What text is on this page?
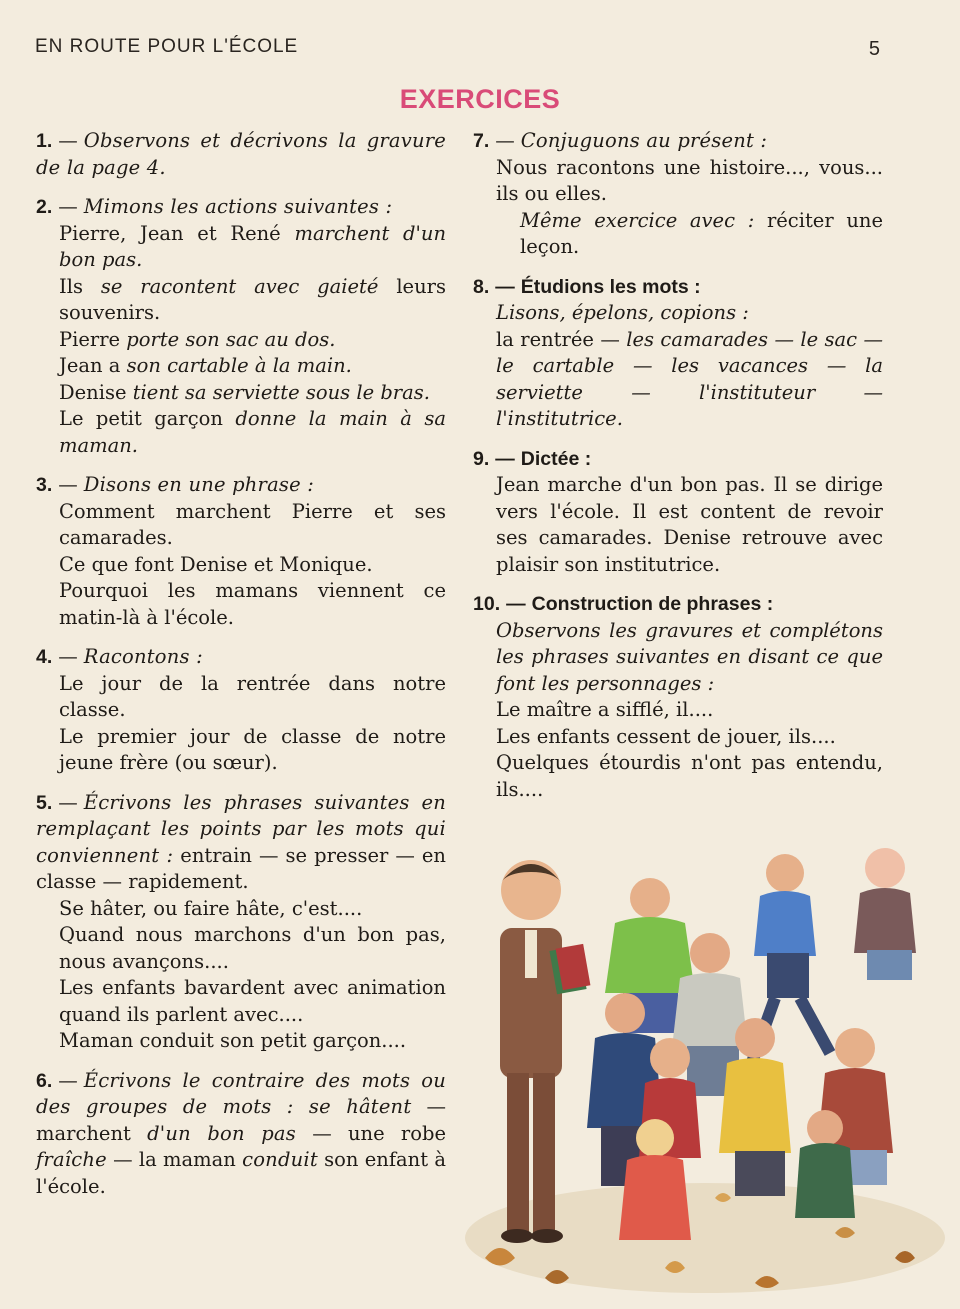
EN ROUTE POUR L'ÉCOLE	5
EXERCICES

1. — Observons et décrivons la gravure de la page 4.

2. — Mimons les actions suivantes :

Pierre, Jean et René marchent d'un bon pas.

Ils se racontent avec gaieté leurs souvenirs.

Pierre porte son sac au dos.

Jean a son cartable à la main.

Denise tient sa serviette sous le bras.

Le petit garçon donne la main à sa maman.

3. — Disons en une phrase :

Comment marchent Pierre et ses camarades.

Ce que font Denise et Monique.

Pourquoi les mamans viennent ce matin-là à l'école.

4. — Racontons :

Le jour de la rentrée dans notre classe.

Le premier jour de classe de notre jeune frère (ou sœur).

5. — Écrivons les phrases suivantes en remplaçant les points par les mots qui conviennent : entrain — se presser — en classe — rapidement.

Se hâter, ou faire hâte, c'est....

Quand nous marchons d'un bon pas, nous avançons....

Les enfants bavardent avec animation quand ils parlent avec....

Maman conduit son petit garçon....

6. — Écrivons le contraire des mots ou des groupes de mots : se hâtent — marchent d'un bon pas — une robe fraîche — la maman conduit son enfant à l'école.

7. — Conjuguons au présent :

Nous racontons une histoire..., vous... ils ou elles.

Même exercice avec : réciter une leçon.

8. — Étudions les mots :

Lisons, épelons, copions :

la rentrée — les camarades — le sac — le cartable — les vacances — la serviette — l'instituteur — l'institutrice.

9. — Dictée :

Jean marche d'un bon pas. Il se dirige vers l'école. Il est content de revoir ses camarades. Denise retrouve avec plaisir son institutrice.

10. — Construction de phrases :

Observons les gravures et complétons les phrases suivantes en disant ce que font les personnages :

Le maître a sifflé, il....

Les enfants cessent de jouer, ils....

Quelques étourdis n'ont pas entendu, ils....
